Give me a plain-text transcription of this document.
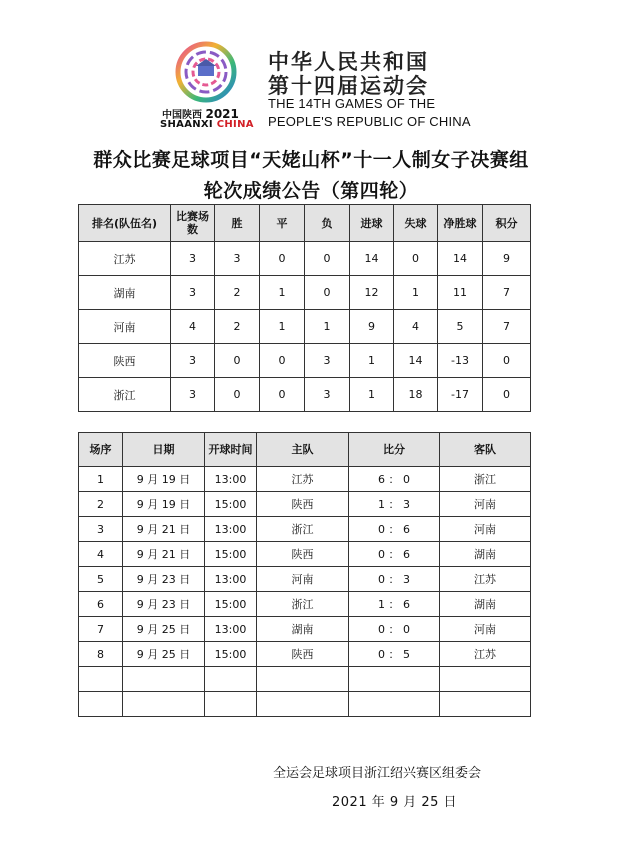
中国陕西 2021
SHAANXI CHINA
中华人民共和国
第十四届运动会
THE 14TH GAMES OF THE
PEOPLE'S REPUBLIC OF CHINA
群众比赛足球项目“天姥山杯”十一人制女子决赛组
轮次成绩公告（第四轮）
排名(队伍名)	比赛场数	胜	平	负	进球	失球	净胜球	积分
江苏	3	3	0	0	14	0	14	9
湖南	3	2	1	0	12	1	11	7
河南	4	2	1	1	9	4	5	7
陕西	3	0	0	3	1	14	-13	0
浙江	3	0	0	3	1	18	-17	0
场序	日期	开球时间	主队	比分	客队
1	9 月 19 日	13:00	江苏	6 ： 0	浙江
2	9 月 19 日	15:00	陕西	1 ： 3	河南
3	9 月 21 日	13:00	浙江	0 ： 6	河南
4	9 月 21 日	15:00	陕西	0 ： 6	湖南
5	9 月 23 日	13:00	河南	0 ： 3	江苏
6	9 月 23 日	15:00	浙江	1 ： 6	湖南
7	9 月 25 日	13:00	湖南	0 ： 0	河南
8	9 月 25 日	15:00	陕西	0 ： 5	江苏

全运会足球项目浙江绍兴赛区组委会
2021 年 9 月 25 日
